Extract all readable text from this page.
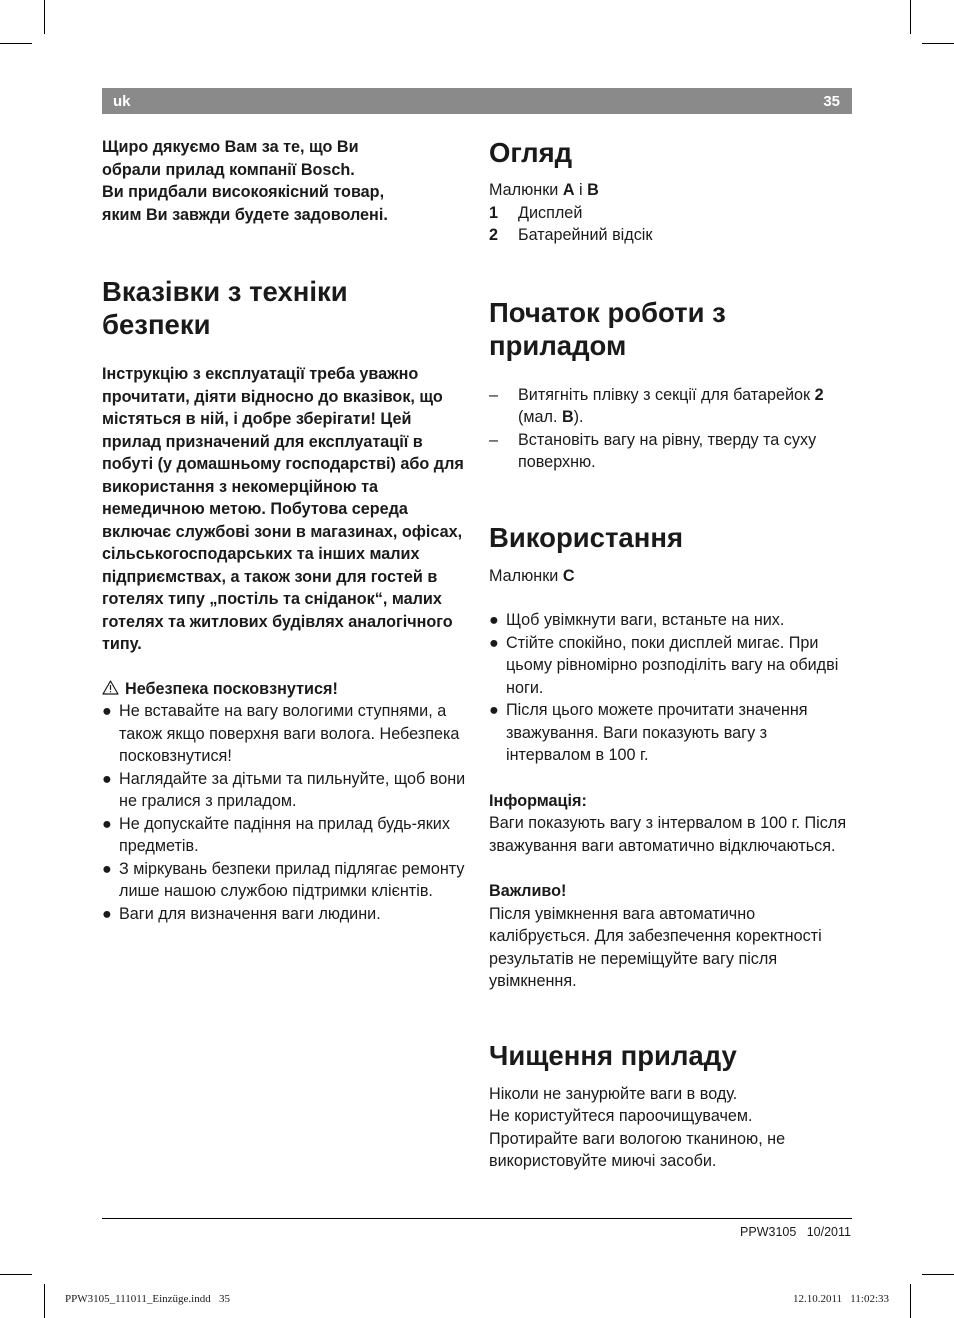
uk	35

Щиро дякуємо Вам за те, що Ви
обрали прилад компанії Bosch.
Ви придбали високоякісний товар,
яким Ви завжди будете задоволені.

Вказівки з техніки безпеки

Інструкцію з експлуатації треба уважно прочитати, діяти відносно до вказівок, що містяться в ній, і добре зберігати! Цей прилад призначений для експлуатації в побуті (у домашньому господарстві) або для використання з некомерційною та немедичною метою. Побутова середа включає службові зони в магазинах, офісах, сільськогосподарських та інших малих підприємствах, а також зони для гостей в готелях типу „постіль та сніданок“, малих готелях та житлових будівлях аналогічного типу.

Небезпека посковзнутися!

● Не вставайте на вагу вологими ступнями, а також якщо поверхня ваги волога. Небезпека посковзнутися!
● Наглядайте за дітьми та пильнуйте, щоб вони не гралися з приладом.
● Не допускайте падіння на прилад будь-яких предметів.
● З міркувань безпеки прилад підлягає ремонту лише нашою службою підтримки клієнтів.
● Ваги для визначення ваги людини.
Огляд

Малюнки A і B

1 Дисплей
2 Батарейний відсік
Початок роботи з приладом
– Витягніть плівку з секції для батарейок 2 (мал. B).
– Встановіть вагу на рівну, тверду та суху поверхню.
Використання

Малюнки C

● Щоб увімкнути ваги, встаньте на них.
● Стійте спокійно, поки дисплей мигає. При цьому рівномірно розподіліть вагу на обидві ноги.
● Після цього можете прочитати значення зважування. Ваги показують вагу з інтервалом в 100 г.

Інформація:

Ваги показують вагу з інтервалом в 100 г. Після зважування ваги автоматично відключаються.

Важливо!

Після увімкнення вага автоматично калібрується. Для забезпечення коректності результатів не переміщуйте вагу після увімкнення.

Чищення приладу

Ніколи не занурюйте ваги в воду.
Не користуйтеся пароочищувачем.
Протирайте ваги вологою тканиною, не використовуйте миючі засоби.

PPW3105   10/2011
PPW3105_111011_Einzüge.indd   35	12.10.2011   11:02:33
